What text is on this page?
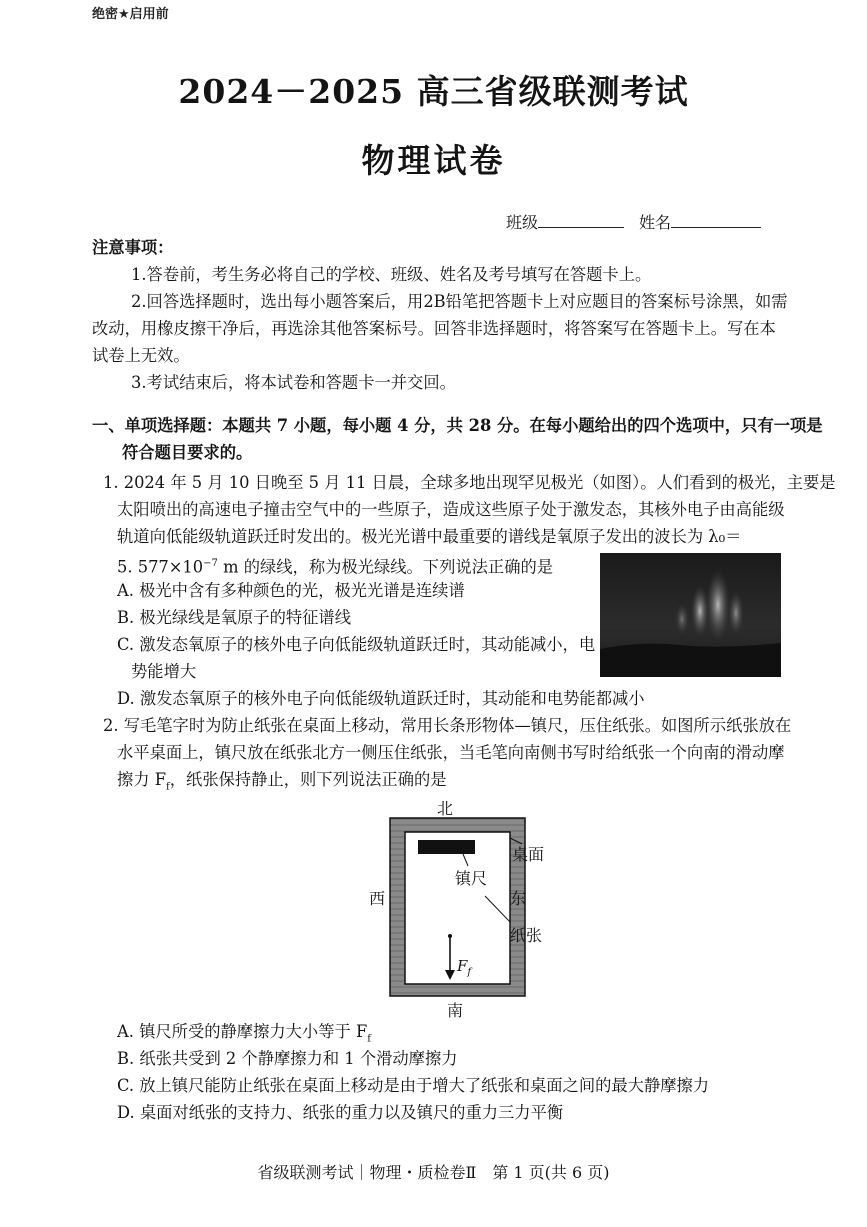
绝密★启用前
2024－2025 高三省级联测考试
物理试卷
班级	姓名
注意事项：
1.答卷前，考生务必将自己的学校、班级、姓名及考号填写在答题卡上。
2.回答选择题时，选出每小题答案后，用2B铅笔把答题卡上对应题目的答案标号涂黑，如需
改动，用橡皮擦干净后，再选涂其他答案标号。回答非选择题时，将答案写在答题卡上。写在本
试卷上无效。
3.考试结束后，将本试卷和答题卡一并交回。
一、单项选择题：本题共 7 小题，每小题 4 分，共 28 分。在每小题给出的四个选项中，只有一项是
符合题目要求的。
1. 2024 年 5 月 10 日晚至 5 月 11 日晨，全球多地出现罕见极光（如图）。人们看到的极光，主要是
太阳喷出的高速电子撞击空气中的一些原子，造成这些原子处于激发态，其核外电子由高能级
轨道向低能级轨道跃迁时发出的。极光光谱中最重要的谱线是氧原子发出的波长为 λ₀＝
5. $577\times 10^{-7}$ m 的绿线，称为极光绿线。下列说法正确的是
A. 极光中含有多种颜色的光，极光光谱是连续谱
B. 极光绿线是氧原子的特征谱线
C. 激发态氧原子的核外电子向低能级轨道跃迁时，其动能减小，电
势能增大
D. 激发态氧原子的核外电子向低能级轨道跃迁时，其动能和电势能都减小
2. 写毛笔字时为防止纸张在桌面上移动，常用长条形物体—镇尺，压住纸张。如图所示纸张放在
水平桌面上，镇尺放在纸张北方一侧压住纸张，当毛笔向南侧书写时给纸张一个向南的滑动摩
擦力 $F_f$，纸张保持静止，则下列说法正确的是
北
南
西	东
桌面
镇尺
纸张
$F_f$
A. 镇尺所受的静摩擦力大小等于 $F_f$
B. 纸张共受到 2 个静摩擦力和 1 个滑动摩擦力
C. 放上镇尺能防止纸张在桌面上移动是由于增大了纸张和桌面之间的最大静摩擦力
D. 桌面对纸张的支持力、纸张的重力以及镇尺的重力三力平衡
省级联测考试｜物理・质检卷Ⅱ　第 1 页(共 6 页)
